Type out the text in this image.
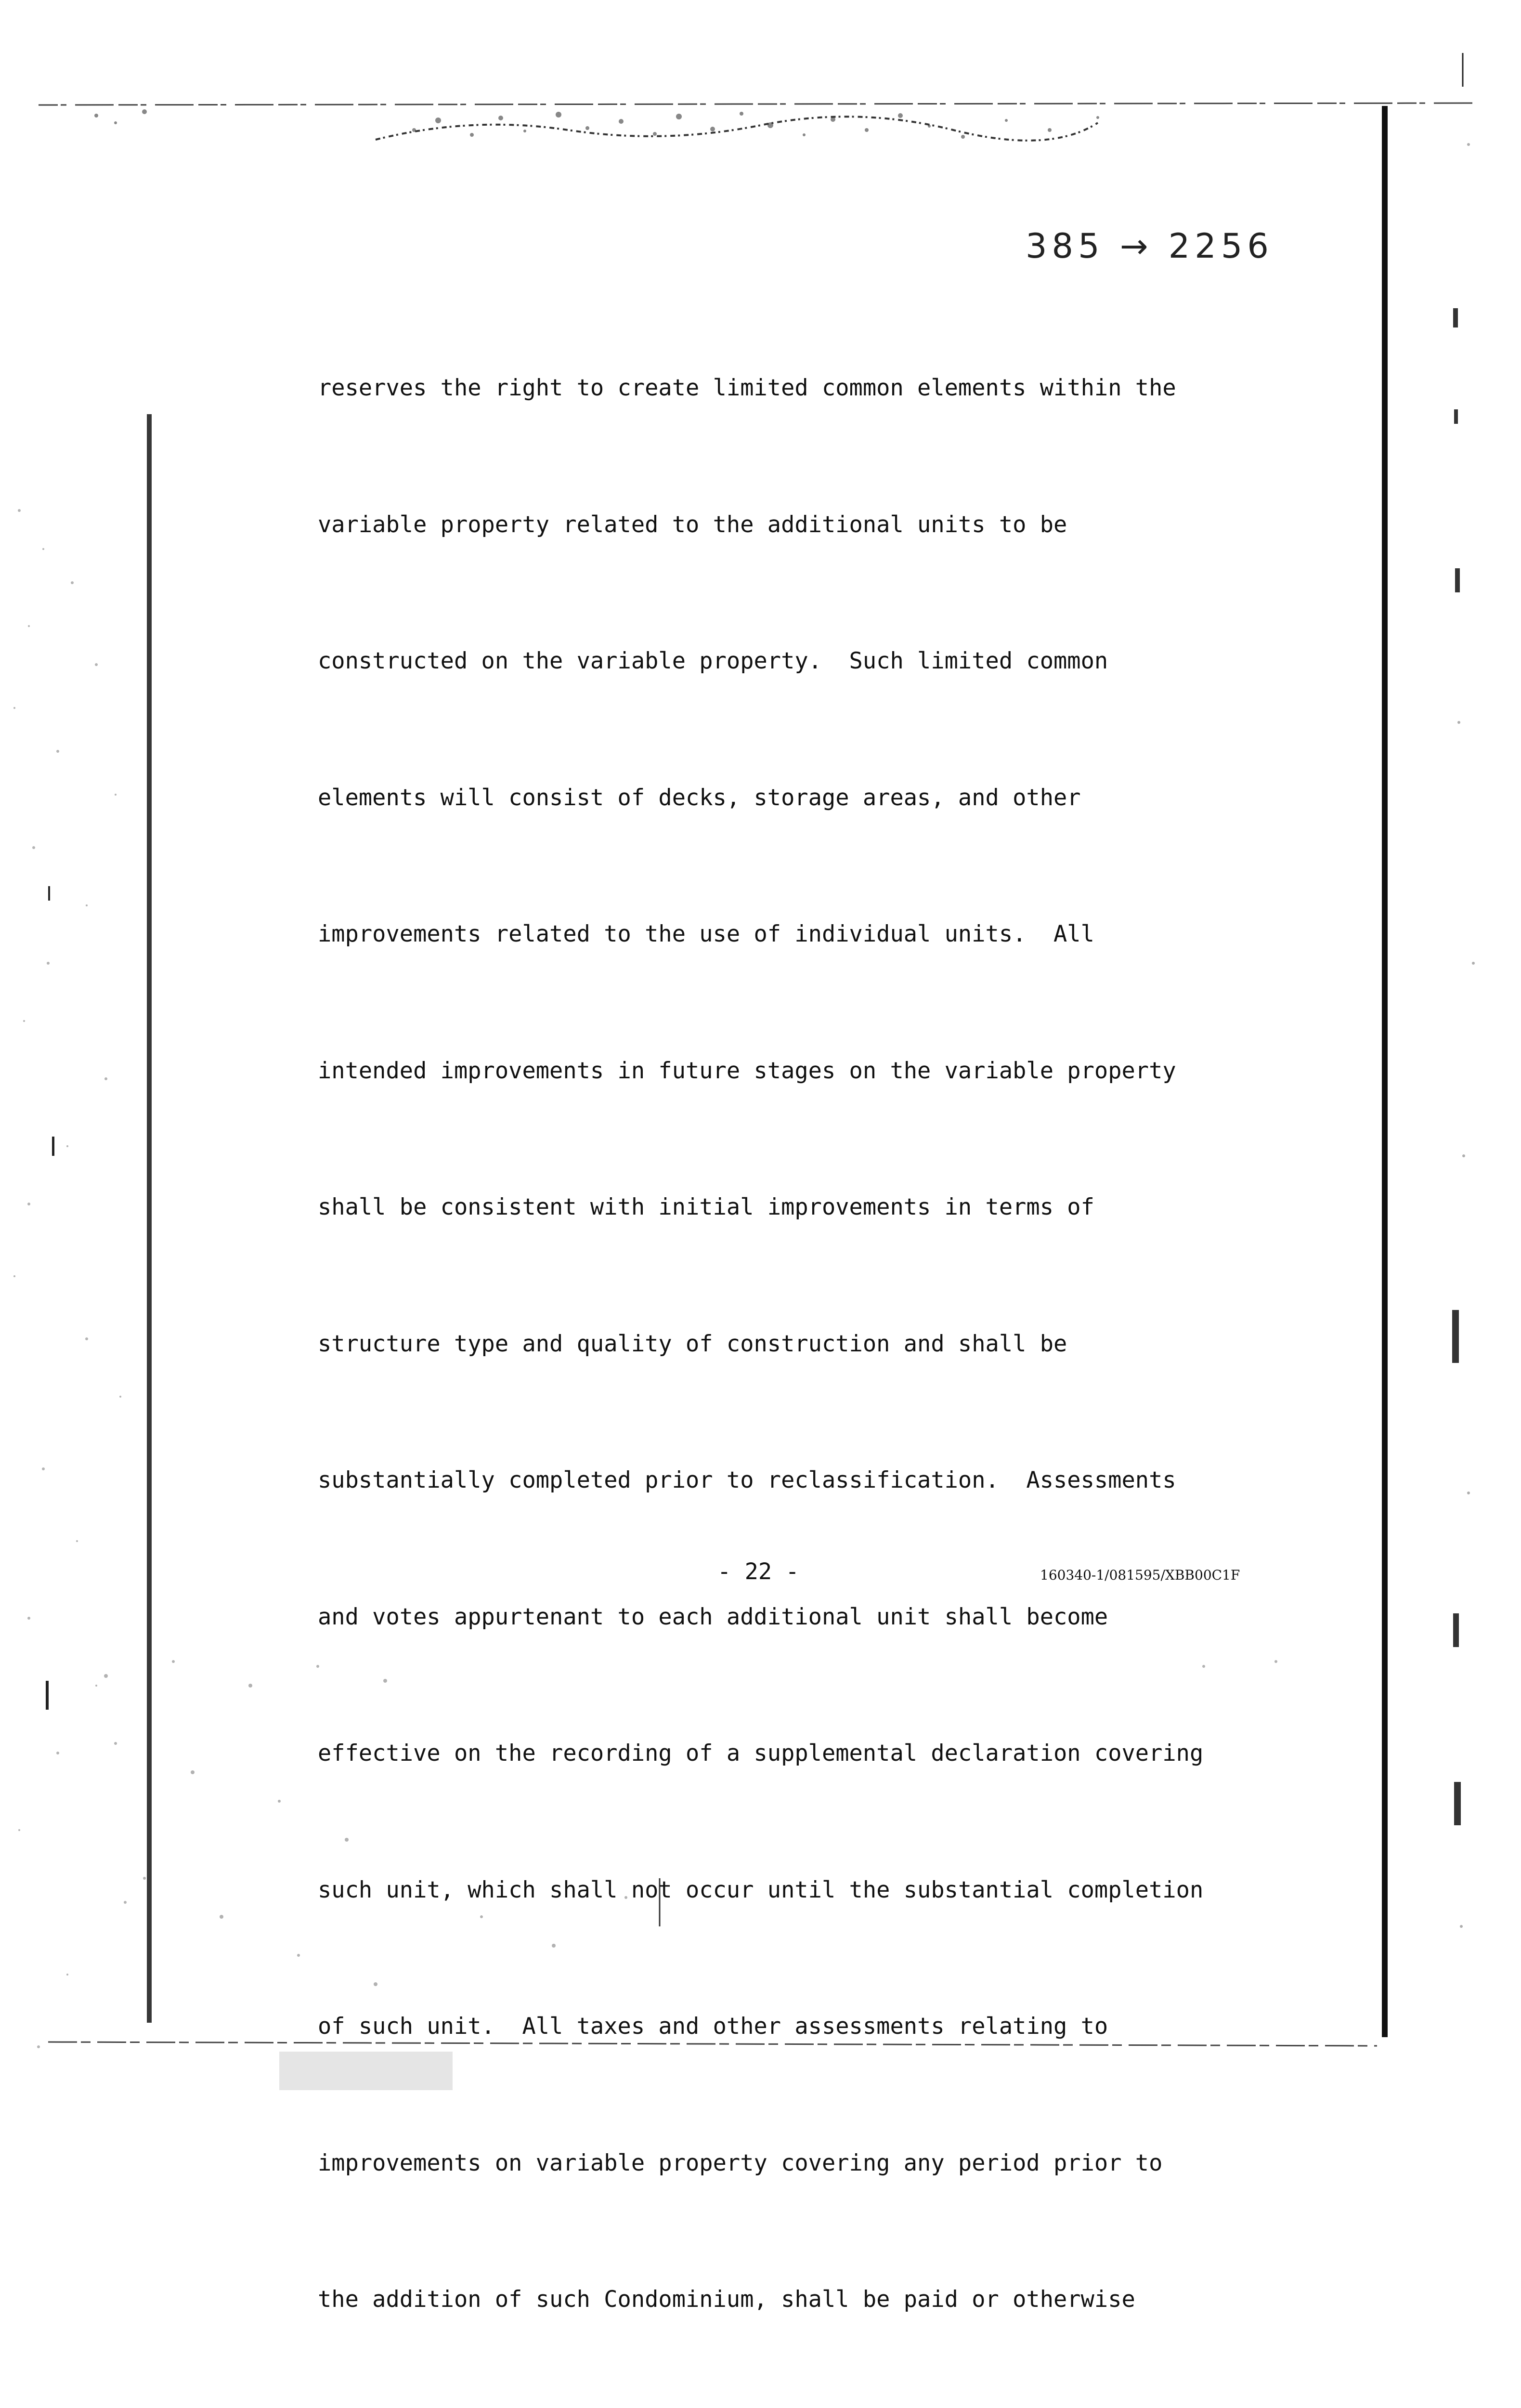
385 → 2256

reserves the right to create limited common elements within the

variable property related to the additional units to be

constructed on the variable property.  Such limited common

elements will consist of decks, storage areas, and other

improvements related to the use of individual units.  All

intended improvements in future stages on the variable property

shall be consistent with initial improvements in terms of

structure type and quality of construction and shall be

substantially completed prior to reclassification.  Assessments

and votes appurtenant to each additional unit shall become

effective on the recording of a supplemental declaration covering

such unit, which shall not occur until the substantial completion

of such unit.  All taxes and other assessments relating to

improvements on variable property covering any period prior to

the addition of such Condominium, shall be paid or otherwise

- 22 -	160340-1/081595/XBB00C1F
